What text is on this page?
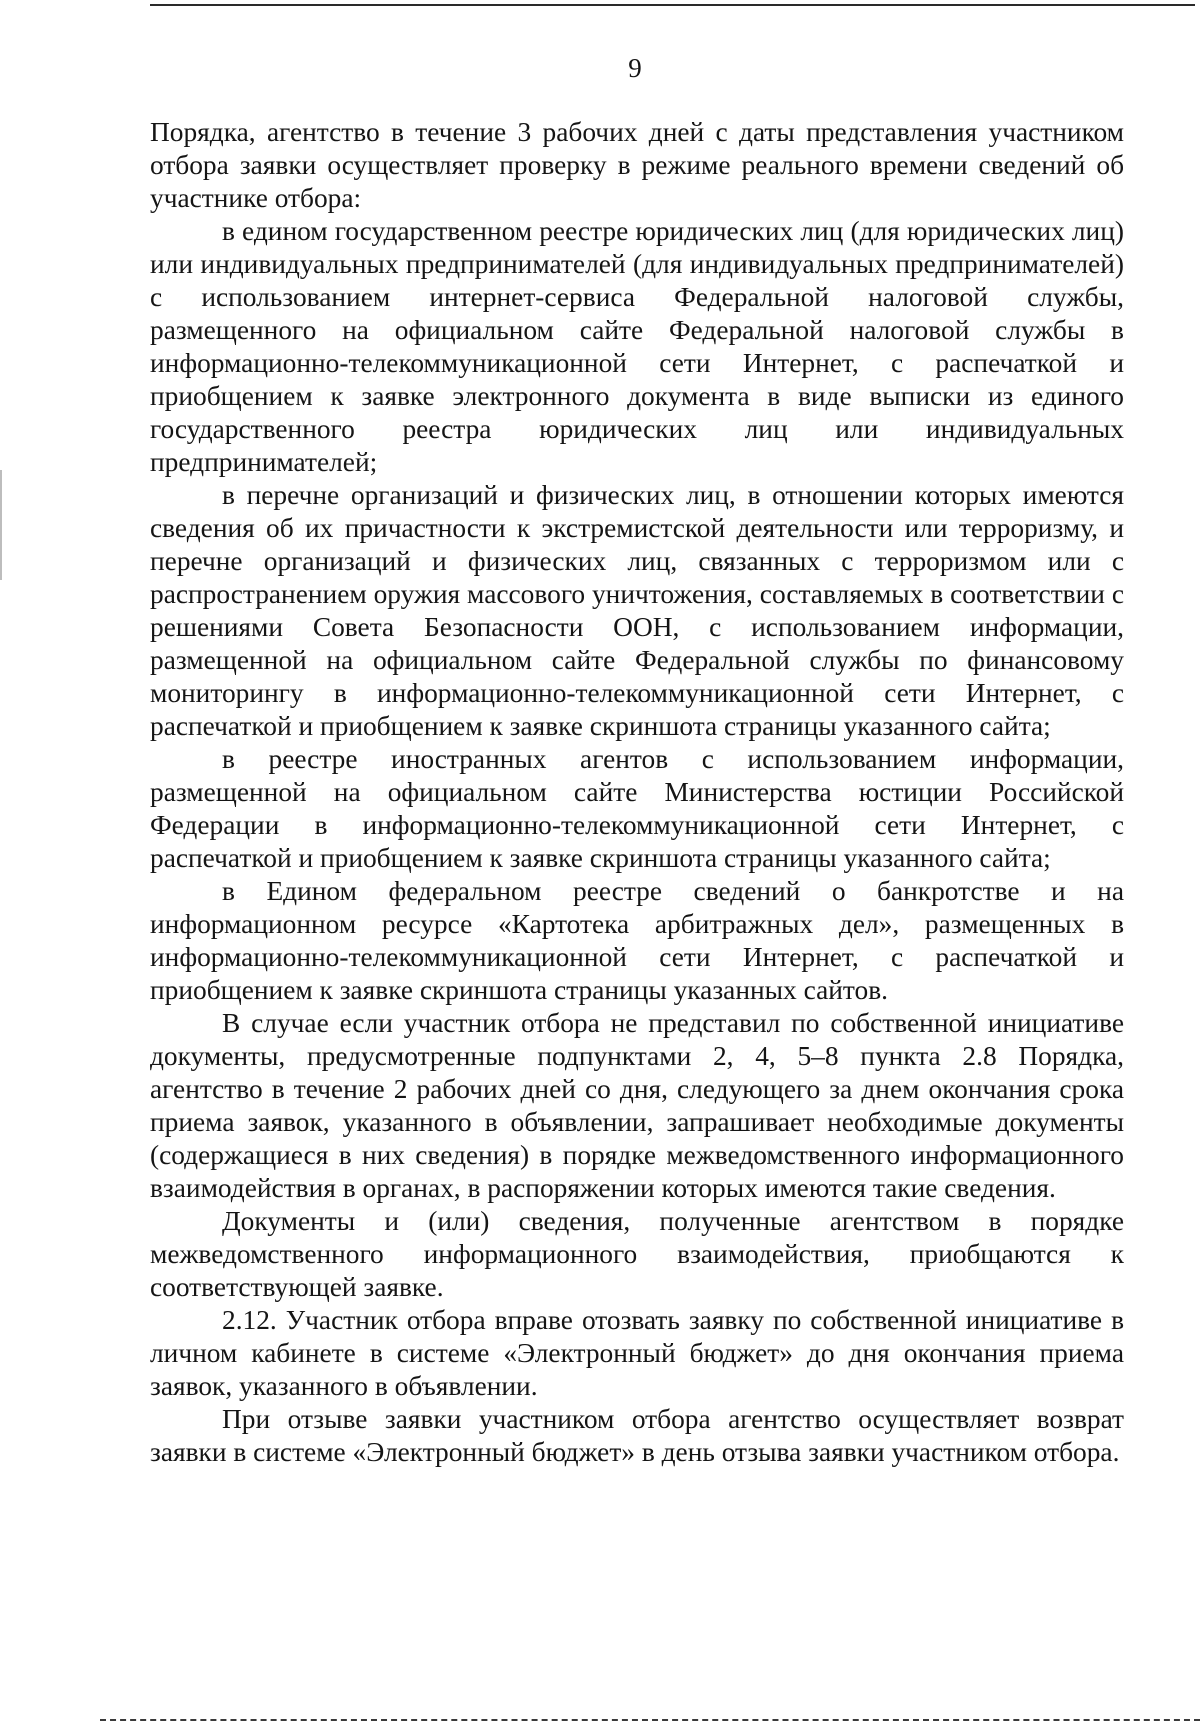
9

Порядка, агентство в течение 3 рабочих дней с даты представления участником отбора заявки осуществляет проверку в режиме реального времени сведений об участнике отбора:

в едином государственном реестре юридических лиц (для юридических лиц) или индивидуальных предпринимателей (для индивидуальных предпринимателей) с использованием интернет-сервиса Федеральной налоговой службы, размещенного на официальном сайте Федеральной налоговой службы в информационно-телекоммуникационной сети Интернет, с распечаткой и приобщением к заявке электронного документа в виде выписки из единого государственного реестра юридических лиц или индивидуальных предпринимателей;

в перечне организаций и физических лиц, в отношении которых имеются сведения об их причастности к экстремистской деятельности или терроризму, и перечне организаций и физических лиц, связанных с терроризмом или с распространением оружия массового уничтожения, составляемых в соответствии с решениями Совета Безопасности ООН, с использованием информации, размещенной на официальном сайте Федеральной службы по финансовому мониторингу в информационно-телекоммуникационной сети Интернет, с распечаткой и приобщением к заявке скриншота страницы указанного сайта;

в реестре иностранных агентов с использованием информации, размещенной на официальном сайте Министерства юстиции Российской Федерации в информационно-телекоммуникационной сети Интернет, с распечаткой и приобщением к заявке скриншота страницы указанного сайта;

в Едином федеральном реестре сведений о банкротстве и на информационном ресурсе «Картотека арбитражных дел», размещенных в информационно-телекоммуникационной сети Интернет, с распечаткой и приобщением к заявке скриншота страницы указанных сайтов.

В случае если участник отбора не представил по собственной инициативе документы, предусмотренные подпунктами 2, 4, 5–8 пункта 2.8 Порядка, агентство в течение 2 рабочих дней со дня, следующего за днем окончания срока приема заявок, указанного в объявлении, запрашивает необходимые документы (содержащиеся в них сведения) в порядке межведомственного информационного взаимодействия в органах, в распоряжении которых имеются такие сведения.

Документы и (или) сведения, полученные агентством в порядке межведомственного информационного взаимодействия, приобщаются к соответствующей заявке.

2.12. Участник отбора вправе отозвать заявку по собственной инициативе в личном кабинете в системе «Электронный бюджет» до дня окончания приема заявок, указанного в объявлении.

При отзыве заявки участником отбора агентство осуществляет возврат заявки в системе «Электронный бюджет» в день отзыва заявки участником отбора.
